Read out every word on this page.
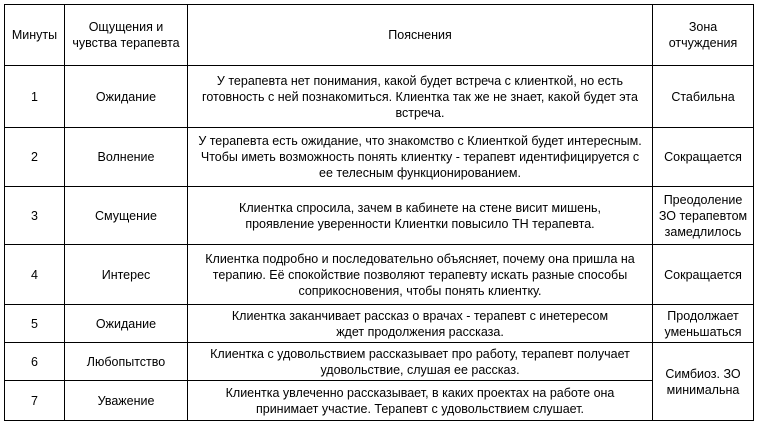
Минуты	Ощущения и чувства терапевта	Пояснения	Зона отчуждения
1	Ожидание	У терапевта нет понимания, какой будет встреча с клиенткой, но есть готовность с ней познакомиться. Клиентка так же не знает, какой будет эта встреча.	Стабильна
2	Волнение	У терапевта есть ожидание, что знакомство с Клиенткой будет интересным. Чтобы иметь возможность понять клиентку - терапевт идентифицируется с ее телесным функционированием.	Сокращается
3	Смущение	Клиентка спросила, зачем в кабинете на стене висит мишень, проявление уверенности Клиентки повысило ТН терапевта.	Преодоление ЗО терапевтом замедлилось
4	Интерес	Клиентка подробно и последовательно объясняет, почему она пришла на терапию. Её спокойствие позволяют терапевту искать разные способы соприкосновения, чтобы понять клиентку.	Сокращается
5	Ожидание	Клиентка заканчивает рассказ о врачах - терапевт с инетересом ждет продолжения рассказа.	Продолжает уменьшаться
6	Любопытство	Клиентка с удовольствием рассказывает про работу, терапевт получает удовольствие, слушая ее рассказ.	Симбиоз. ЗО минимальна
7	Уважение	Клиентка увлеченно рассказывает, в каких проектах на работе она принимает участие. Терапевт с удовольствием слушает.	
